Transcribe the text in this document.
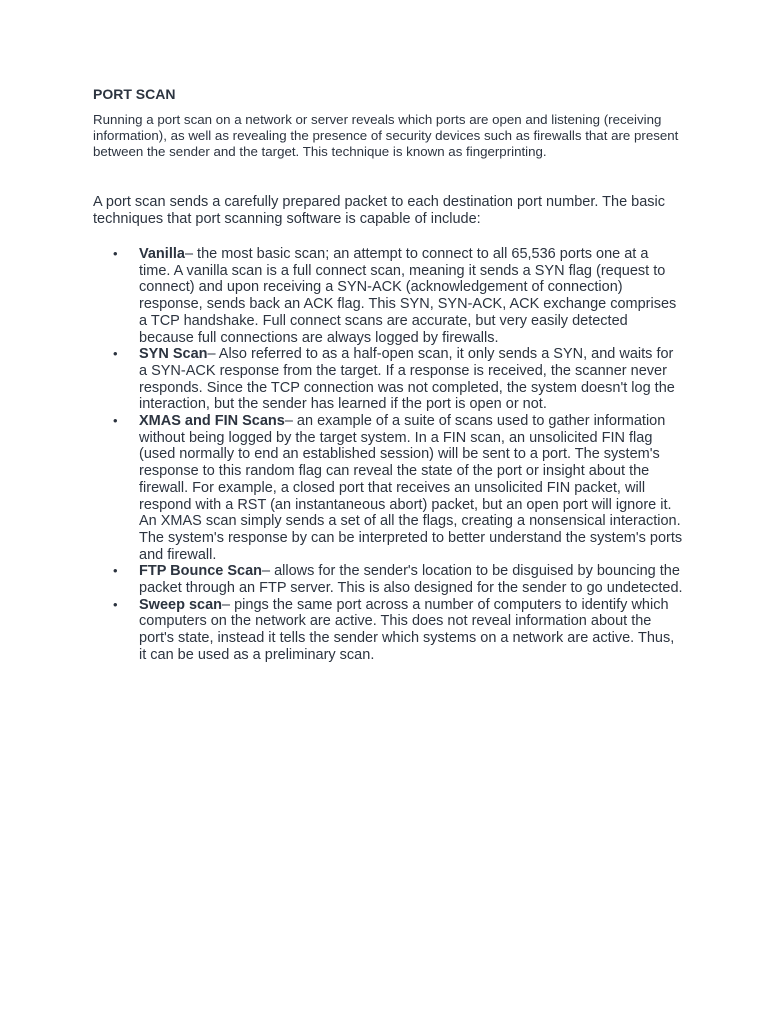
PORT SCAN

Running a port scan on a network or server reveals which ports are open and listening (receiving information), as well as revealing the presence of security devices such as firewalls that are present between the sender and the target. This technique is known as fingerprinting.

A port scan sends a carefully prepared packet to each destination port number. The basic techniques that port scanning software is capable of include:

• Vanilla– the most basic scan; an attempt to connect to all 65,536 ports one at a time. A vanilla scan is a full connect scan, meaning it sends a SYN flag (request to connect) and upon receiving a SYN-ACK (acknowledgement of connection) response, sends back an ACK flag. This SYN, SYN-ACK, ACK exchange comprises a TCP handshake. Full connect scans are accurate, but very easily detected because full connections are always logged by firewalls.
• SYN Scan– Also referred to as a half-open scan, it only sends a SYN, and waits for a SYN-ACK response from the target. If a response is received, the scanner never responds. Since the TCP connection was not completed, the system doesn't log the interaction, but the sender has learned if the port is open or not.
• XMAS and FIN Scans– an example of a suite of scans used to gather information without being logged by the target system. In a FIN scan, an unsolicited FIN flag (used normally to end an established session) will be sent to a port. The system's response to this random flag can reveal the state of the port or insight about the firewall. For example, a closed port that receives an unsolicited FIN packet, will respond with a RST (an instantaneous abort) packet, but an open port will ignore it. An XMAS scan simply sends a set of all the flags, creating a nonsensical interaction. The system's response by can be interpreted to better understand the system's ports and firewall.
• FTP Bounce Scan– allows for the sender's location to be disguised by bouncing the packet through an FTP server. This is also designed for the sender to go undetected.
• Sweep scan– pings the same port across a number of computers to identify which computers on the network are active. This does not reveal information about the port's state, instead it tells the sender which systems on a network are active. Thus, it can be used as a preliminary scan.
